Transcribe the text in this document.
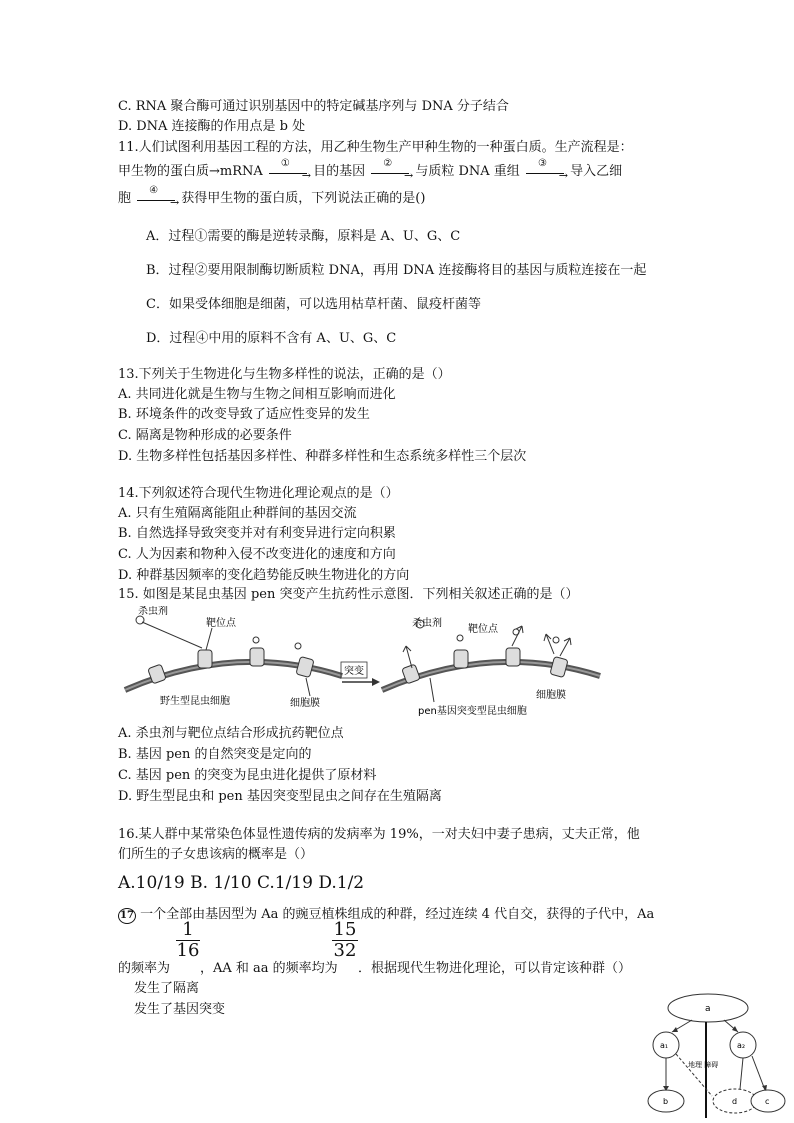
C. RNA 聚合酶可通过识别基因中的特定碱基序列与 DNA 分子结合
D. DNA 连接酶的作用点是 b 处
11.人们试图利用基因工程的方法，用乙种生物生产甲种生物的一种蛋白质。生产流程是：
甲生物的蛋白质→mRNA
①
→ 目的基因
②
→ 与质粒 DNA 重组
③
→ 导入乙细
胞
④
→ 获得甲生物的蛋白质，下列说法正确的是()
A．过程①需要的酶是逆转录酶，原料是 A、U、G、C
B．过程②要用限制酶切断质粒 DNA，再用 DNA 连接酶将目的基因与质粒连接在一起
C．如果受体细胞是细菌，可以选用枯草杆菌、鼠疫杆菌等
D．过程④中用的原料不含有 A、U、G、C
13.下列关于生物进化与生物多样性的说法，正确的是（）
A. 共同进化就是生物与生物之间相互影响而进化
B. 环境条件的改变导致了适应性变异的发生
C. 隔离是物种形成的必要条件
D. 生物多样性包括基因多样性、种群多样性和生态系统多样性三个层次
14.下列叙述符合现代生物进化理论观点的是（）
A. 只有生殖隔离能阻止种群间的基因交流
B. 自然选择导致突变并对有利变异进行定向积累
C. 人为因素和物种入侵不改变进化的速度和方向
D. 种群基因频率的变化趋势能反映生物进化的方向
15. 如图是某昆虫基因 pen 突变产生抗药性示意图．下列相关叙述正确的是（）
杀虫剂
靶位点
野生型昆虫细胞	细胞膜
突变
杀虫剂
靶位点
细胞膜
pen基因突变型昆虫细胞
A. 杀虫剂与靶位点结合形成抗药靶位点
B. 基因 pen 的自然突变是定向的
C. 基因 pen 的突变为昆虫进化提供了原材料
D. 野生型昆虫和 pen 基因突变型昆虫之间存在生殖隔离
16.某人群中某常染色体显性遗传病的发病率为 19%，一对夫妇中妻子患病，丈夫正常，他
们所生的子女患该病的概率是（）
A.10/19 B. 1/10 C.1/19 D.1/2
17 一个全部由基因型为 Aa 的豌豆植株组成的种群，经过连续 4 代自交，获得的子代中，Aa
1
16
15
32
的频率为 ，AA 和 aa 的频率均为 ．根据现代生物进化理论，可以肯定该种群（）
发生了隔离
发生了基因突变	a
a₁	a₂
b	d	c
地理 障碍
